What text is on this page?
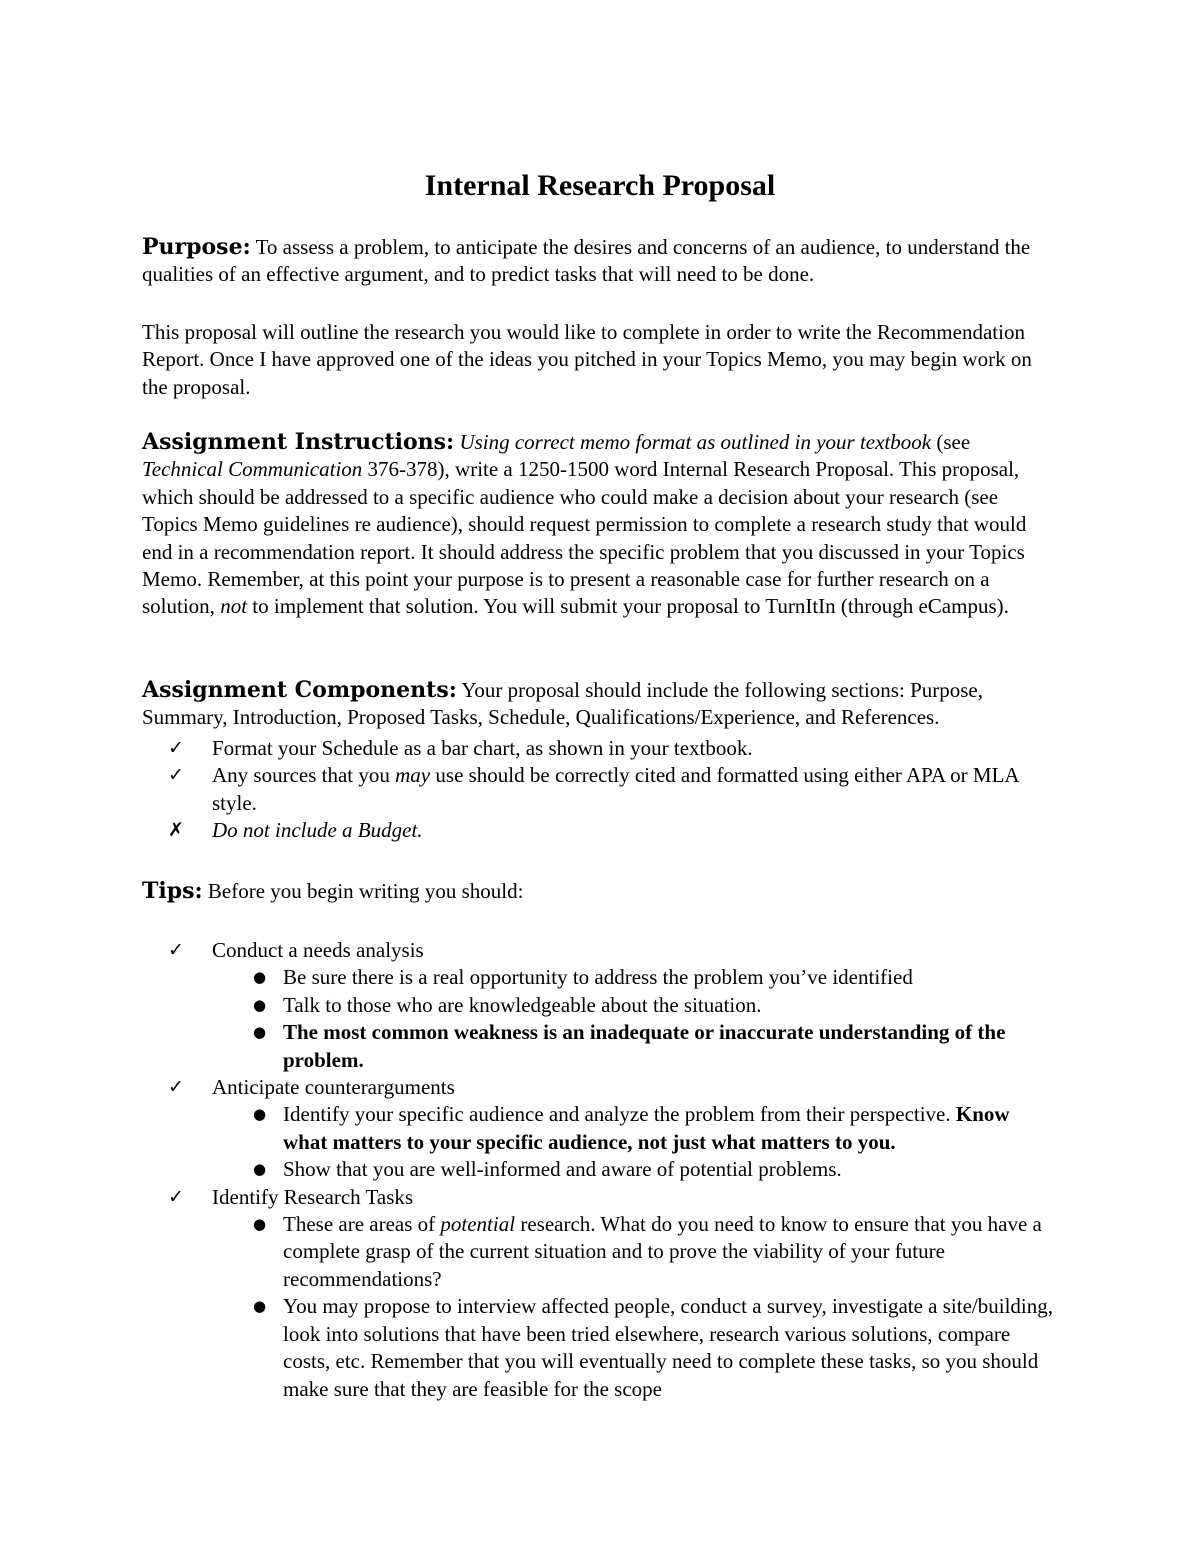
Internal Research Proposal

Purpose: To assess a problem, to anticipate the desires and concerns of an audience, to understand the qualities of an effective argument, and to predict tasks that will need to be done.

This proposal will outline the research you would like to complete in order to write the Recommendation Report. Once I have approved one of the ideas you pitched in your Topics Memo, you may begin work on the proposal.

Assignment Instructions: Using correct memo format as outlined in your textbook (see Technical Communication 376-378), write a 1250-1500 word Internal Research Proposal. This proposal, which should be addressed to a specific audience who could make a decision about your research (see Topics Memo guidelines re audience), should request permission to complete a research study that would end in a recommendation report. It should address the specific problem that you discussed in your Topics Memo. Remember, at this point your purpose is to present a reasonable case for further research on a solution, not to implement that solution. You will submit your proposal to TurnItIn (through eCampus).

Assignment Components: Your proposal should include the following sections: Purpose, Summary, Introduction, Proposed Tasks, Schedule, Qualifications/Experience, and References.

✓ Format your Schedule as a bar chart, as shown in your textbook.
✓ Any sources that you may use should be correctly cited and formatted using either APA or MLA style.
✗ Do not include a Budget.

Tips: Before you begin writing you should:

✓ Conduct a needs analysis
● Be sure there is a real opportunity to address the problem you’ve identified
● Talk to those who are knowledgeable about the situation.
● The most common weakness is an inadequate or inaccurate understanding of the problem.
✓ Anticipate counterarguments
● Identify your specific audience and analyze the problem from their perspective. Know what matters to your specific audience, not just what matters to you.
● Show that you are well-informed and aware of potential problems.
✓ Identify Research Tasks
● These are areas of potential research. What do you need to know to ensure that you have a complete grasp of the current situation and to prove the viability of your future recommendations?
● You may propose to interview affected people, conduct a survey, investigate a site/building, look into solutions that have been tried elsewhere, research various solutions, compare costs, etc. Remember that you will eventually need to complete these tasks, so you should make sure that they are feasible for the scope
